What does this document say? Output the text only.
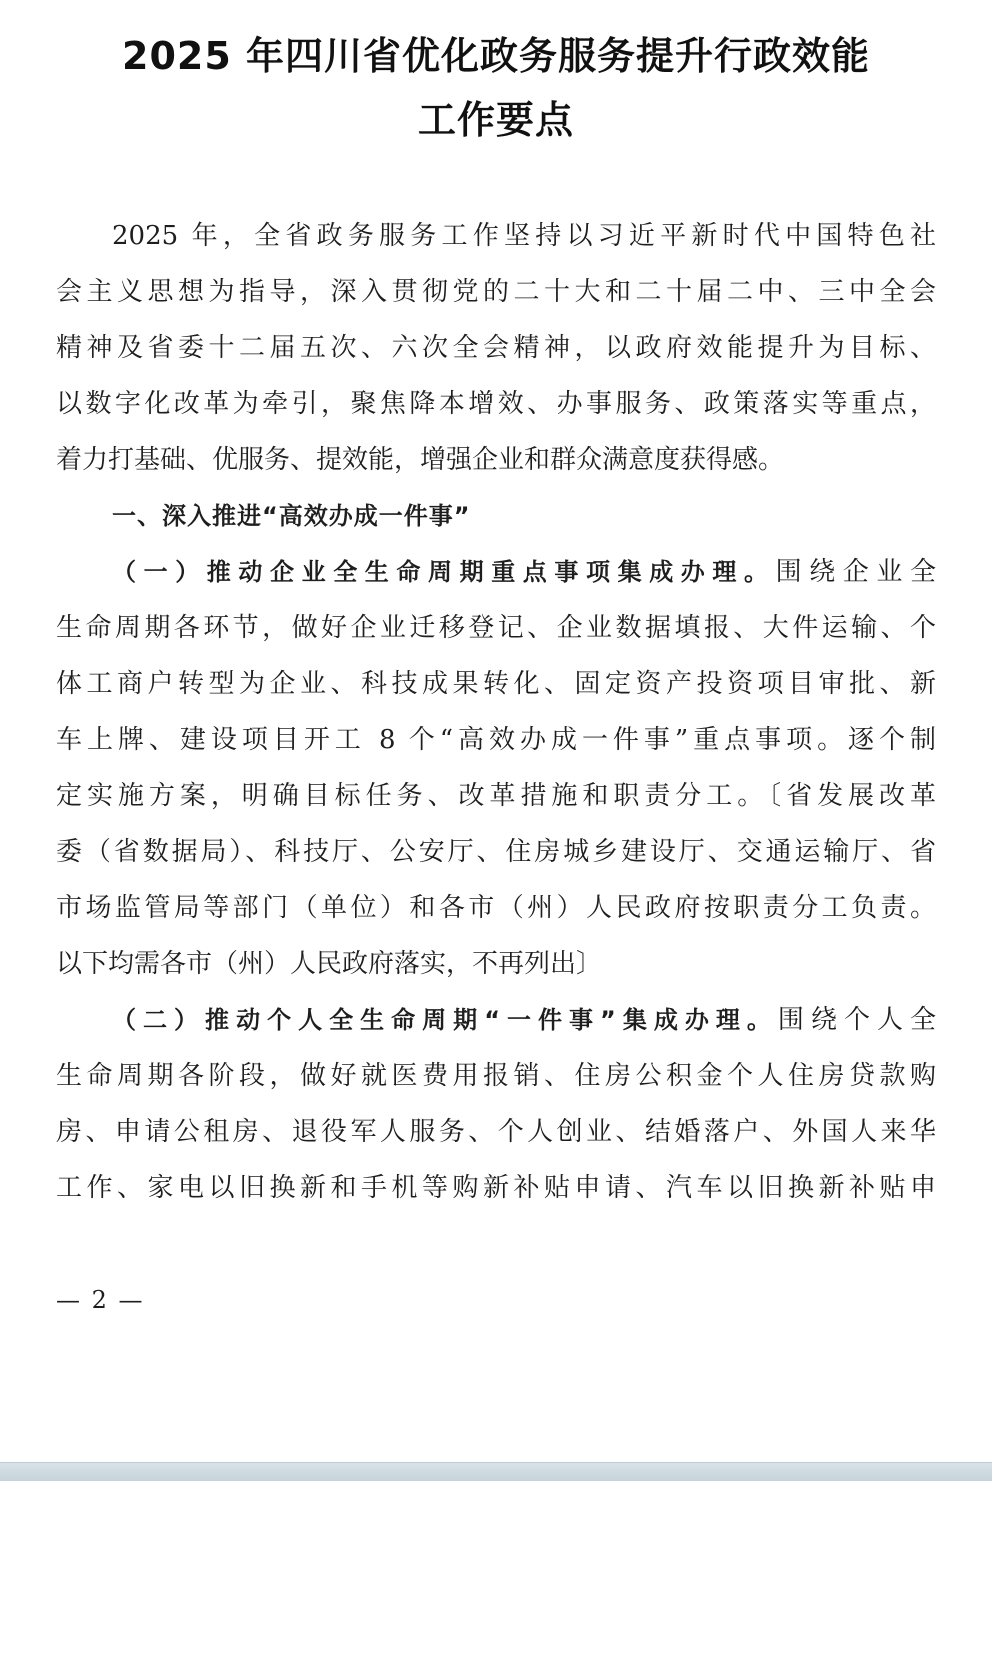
2025 年四川省优化政务服务提升行政效能
工作要点
2025 年，全省政务服务工作坚持以习近平新时代中国特色社
会主义思想为指导，深入贯彻党的二十大和二十届二中、三中全会
精神及省委十二届五次、六次全会精神，以政府效能提升为目标、
以数字化改革为牵引，聚焦降本增效、办事服务、政策落实等重点，
着力打基础、优服务、提效能，增强企业和群众满意度获得感。
一、深入推进“高效办成一件事”
（一）推动企业全生命周期重点事项集成办理。围绕企业全
生命周期各环节，做好企业迁移登记、企业数据填报、大件运输、个
体工商户转型为企业、科技成果转化、固定资产投资项目审批、新
车上牌、建设项目开工 8 个“高效办成一件事”重点事项。逐个制
定实施方案，明确目标任务、改革措施和职责分工。〔省发展改革
委（省数据局）、科技厅、公安厅、住房城乡建设厅、交通运输厅、省
市场监管局等部门（单位）和各市（州）人民政府按职责分工负责。
以下均需各市（州）人民政府落实，不再列出〕
（二）推动个人全生命周期“一件事”集成办理。围绕个人全
生命周期各阶段，做好就医费用报销、住房公积金个人住房贷款购
房、申请公租房、退役军人服务、个人创业、结婚落户、外国人来华
工作、家电以旧换新和手机等购新补贴申请、汽车以旧换新补贴申
— 2 —
